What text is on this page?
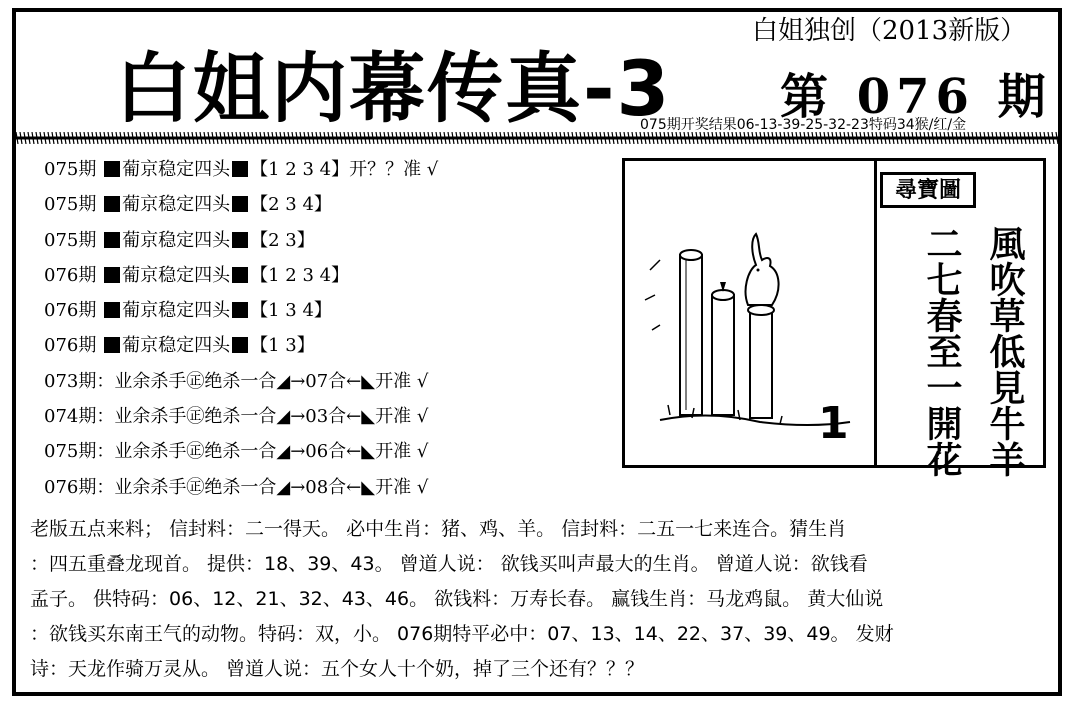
白姐内幕传真-3
白姐独创（2013新版）
第 076 期
075期开奖结果06-13-39-25-32-23特码34猴/红/金
075期 葡京稳定四头 【1 2 3 4】开？？准 √
075期 葡京稳定四头 【2 3 4】
075期 葡京稳定四头 【2 3】
076期 葡京稳定四头 【1 2 3 4】
076期 葡京稳定四头 【1 3 4】
076期 葡京稳定四头 【1 3】
073期：业余杀手㊣绝杀一合◢→07合←◣开准 √
074期：业余杀手㊣绝杀一合◢→03合←◣开准 √
075期：业余杀手㊣绝杀一合◢→06合←◣开准 √
076期：业余杀手㊣绝杀一合◢→08合←◣开准 √
尋寶圖
風吹草低見牛羊
二七春至一開花
1
老版五点来料； 信封料：二一得天。 必中生肖：猪、鸡、羊。 信封料：二五一七来连合。猜生肖
：四五重叠龙现首。 提供：18、39、43。 曾道人说： 欲钱买叫声最大的生肖。 曾道人说：欲钱看
孟子。 供特码：06、12、21、32、43、46。 欲钱料：万寿长春。 赢钱生肖：马龙鸡鼠。 黄大仙说
：欲钱买东南王气的动物。特码：双，小。 076期特平必中：07、13、14、22、37、39、49。 发财
诗：天龙作骑万灵从。 曾道人说：五个女人十个奶，掉了三个还有？？？
